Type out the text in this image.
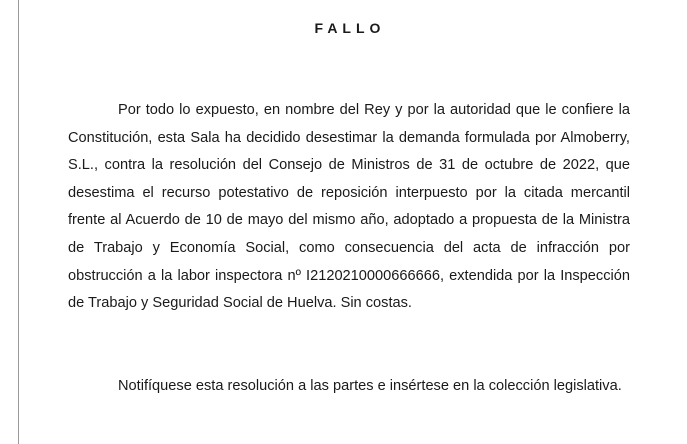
FALLO

Por todo lo expuesto, en nombre del Rey y por la autoridad que le confiere la Constitución, esta Sala ha decidido desestimar la demanda formulada por Almoberry, S.L., contra la resolución del Consejo de Ministros de 31 de octubre de 2022, que desestima el recurso potestativo de reposición interpuesto por la citada mercantil frente al Acuerdo de 10 de mayo del mismo año, adoptado a propuesta de la Ministra de Trabajo y Economía Social, como consecuencia del acta de infracción por obstrucción a la labor inspectora nº I2120210000666666, extendida por la Inspección de Trabajo y Seguridad Social de Huelva. Sin costas.

Notifíquese esta resolución a las partes e insértese en la colección legislativa.
